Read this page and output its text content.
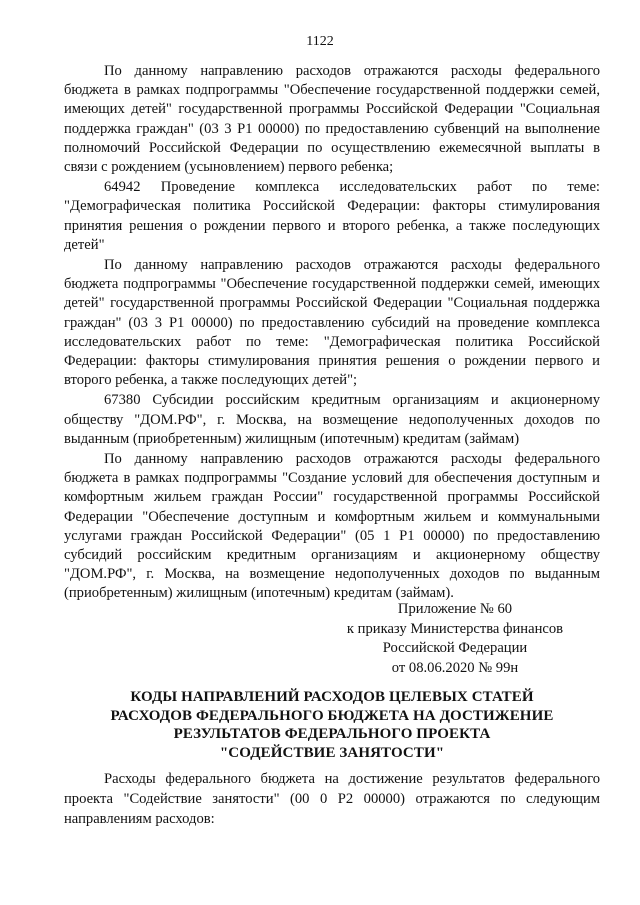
1122

По данному направлению расходов отражаются расходы федерального бюджета в рамках подпрограммы "Обеспечение государственной поддержки семей, имеющих детей" государственной программы Российской Федерации "Социальная поддержка граждан" (03 3 Р1 00000) по предоставлению субвенций на выполнение полномочий Российской Федерации по осуществлению ежемесячной выплаты в связи с рождением (усыновлением) первого ребенка;

64942 Проведение комплекса исследовательских работ по теме: "Демографическая политика Российской Федерации: факторы стимулирования принятия решения о рождении первого и второго ребенка, а также последующих детей"

По данному направлению расходов отражаются расходы федерального бюджета подпрограммы "Обеспечение государственной поддержки семей, имеющих детей" государственной программы Российской Федерации "Социальная поддержка граждан" (03 3 Р1 00000) по предоставлению субсидий на проведение комплекса исследовательских работ по теме: "Демографическая политика Российской Федерации: факторы стимулирования принятия решения о рождении первого и второго ребенка, а также последующих детей";

67380 Субсидии российским кредитным организациям и акционерному обществу "ДОМ.РФ", г. Москва, на возмещение недополученных доходов по выданным (приобретенным) жилищным (ипотечным) кредитам (займам)

По данному направлению расходов отражаются расходы федерального бюджета в рамках подпрограммы "Создание условий для обеспечения доступным и комфортным жильем граждан России" государственной программы Российской Федерации "Обеспечение доступным и комфортным жильем и коммунальными услугами граждан Российской Федерации" (05 1 Р1 00000) по предоставлению субсидий российским кредитным организациям и акционерному обществу "ДОМ.РФ", г. Москва, на возмещение недополученных доходов по выданным (приобретенным) жилищным (ипотечным) кредитам (займам).

Приложение № 60
к приказу Министерства финансов
Российской Федерации
от 08.06.2020 № 99н
КОДЫ НАПРАВЛЕНИЙ РАСХОДОВ ЦЕЛЕВЫХ СТАТЕЙ
РАСХОДОВ ФЕДЕРАЛЬНОГО БЮДЖЕТА НА ДОСТИЖЕНИЕ
РЕЗУЛЬТАТОВ ФЕДЕРАЛЬНОГО ПРОЕКТА
"СОДЕЙСТВИЕ ЗАНЯТОСТИ"

Расходы федерального бюджета на достижение результатов федерального проекта "Содействие занятости" (00 0 Р2 00000) отражаются по следующим направлениям расходов:
